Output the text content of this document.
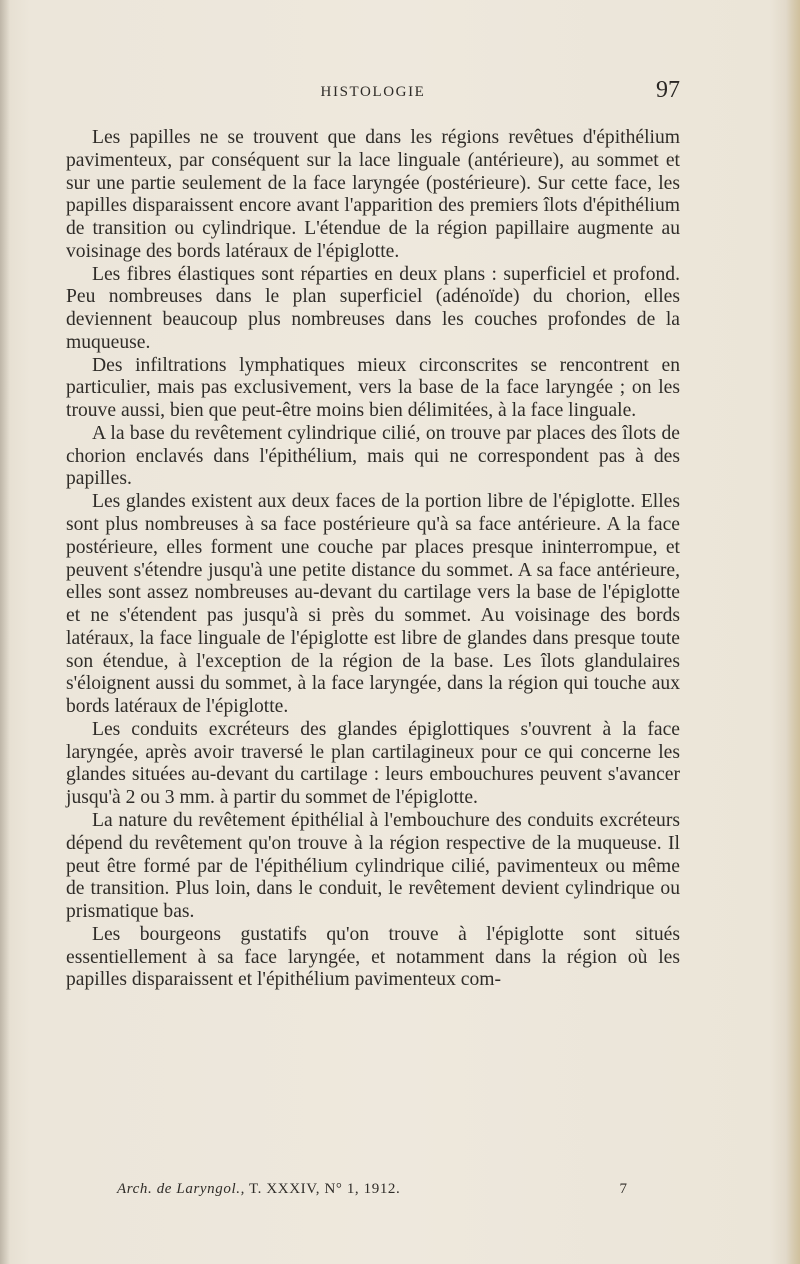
HISTOLOGIE	97

Les papilles ne se trouvent que dans les régions revêtues d'épithélium pavimenteux, par conséquent sur la lace linguale (antérieure), au sommet et sur une partie seulement de la face laryngée (postérieure). Sur cette face, les papilles disparaissent encore avant l'apparition des premiers îlots d'épithélium de transition ou cylindrique. L'étendue de la région papillaire augmente au voisinage des bords latéraux de l'épiglotte.

Les fibres élastiques sont réparties en deux plans : superficiel et profond. Peu nombreuses dans le plan superficiel (adénoïde) du chorion, elles deviennent beaucoup plus nombreuses dans les couches profondes de la muqueuse.

Des infiltrations lymphatiques mieux circonscrites se rencontrent en particulier, mais pas exclusivement, vers la base de la face laryngée ; on les trouve aussi, bien que peut-être moins bien délimitées, à la face linguale.

A la base du revêtement cylindrique cilié, on trouve par places des îlots de chorion enclavés dans l'épithélium, mais qui ne correspondent pas à des papilles.

Les glandes existent aux deux faces de la portion libre de l'épiglotte. Elles sont plus nombreuses à sa face postérieure qu'à sa face antérieure. A la face postérieure, elles forment une couche par places presque ininterrompue, et peuvent s'étendre jusqu'à une petite distance du sommet. A sa face antérieure, elles sont assez nombreuses au-devant du cartilage vers la base de l'épiglotte et ne s'étendent pas jusqu'à si près du sommet. Au voisinage des bords latéraux, la face linguale de l'épiglotte est libre de glandes dans presque toute son étendue, à l'exception de la région de la base. Les îlots glandulaires s'éloignent aussi du sommet, à la face laryngée, dans la région qui touche aux bords latéraux de l'épiglotte.

Les conduits excréteurs des glandes épiglottiques s'ouvrent à la face laryngée, après avoir traversé le plan cartilagineux pour ce qui concerne les glandes situées au-devant du cartilage : leurs embouchures peuvent s'avancer jusqu'à 2 ou 3 mm. à partir du sommet de l'épiglotte.

La nature du revêtement épithélial à l'embouchure des conduits excréteurs dépend du revêtement qu'on trouve à la région respective de la muqueuse. Il peut être formé par de l'épithélium cylindrique cilié, pavimenteux ou même de transition. Plus loin, dans le conduit, le revêtement devient cylindrique ou prismatique bas.

Les bourgeons gustatifs qu'on trouve à l'épiglotte sont situés essentiellement à sa face laryngée, et notamment dans la région où les papilles disparaissent et l'épithélium pavimenteux com-

Arch. de Laryngol., T. XXXIV, N° 1, 1912.	7
